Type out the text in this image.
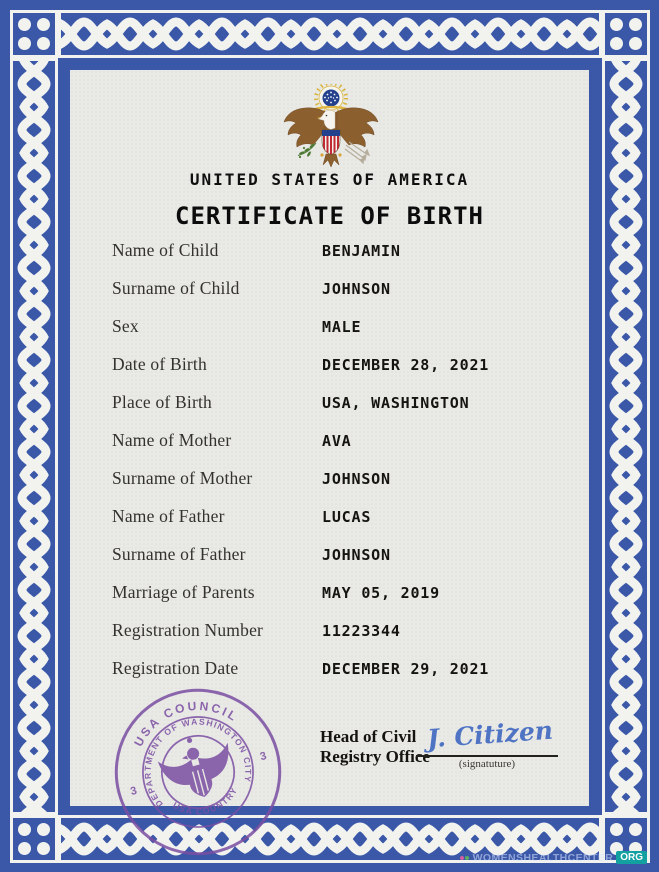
UNITED STATES OF AMERICA
CERTIFICATE OF BIRTH
Name of Child	BENJAMIN
Surname of Child	JOHNSON
Sex	MALE
Date of Birth	DECEMBER 28, 2021
Place of Birth	USA, WASHINGTON
Name of Mother	AVA
Surname of Mother	JOHNSON
Name of Father	LUCAS
Surname of Father	JOHNSON
Marriage of Parents	MAY 05, 2019
Registration Number	11223344
Registration Date	DECEMBER 29, 2021
Head of Civil
Registry Office
J. Citizen
(signatuture)
USA COUNCIL
DEPARTMENT OF WASHINGTON CITY
USA COUNTRY
3
3
WOMENSHEALTHCENTER ORG
